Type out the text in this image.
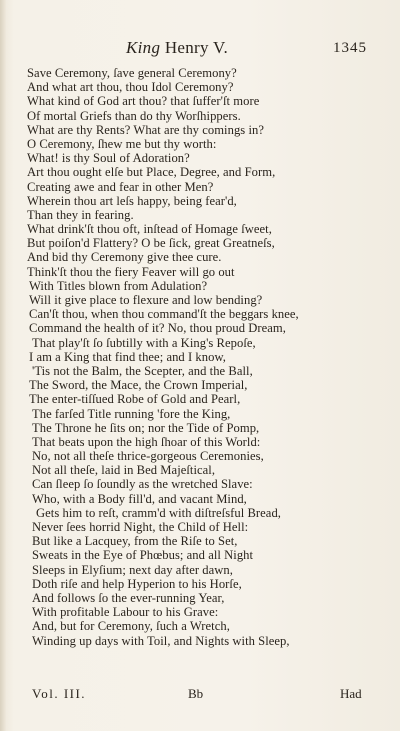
King Henry V.	1345
Save Ceremony, ſave general Ceremony?
And what art thou, thou Idol Ceremony?
What kind of God art thou? that ſuffer'ſt more
Of mortal Griefs than do thy Worſhippers.
What are thy Rents? What are thy comings in?
O Ceremony, ſhew me but thy worth:
What! is thy Soul of Adoration?
Art thou ought elſe but Place, Degree, and Form,
Creating awe and fear in other Men?
Wherein thou art leſs happy, being fear'd,
Than they in fearing.
What drink'ſt thou oft, inſtead of Homage ſweet,
But poiſon'd Flattery? O be ſick, great Greatneſs,
And bid thy Ceremony give thee cure.
Think'ſt thou the fiery Feaver will go out
With Titles blown from Adulation?
Will it give place to flexure and low bending?
Can'ſt thou, when thou command'ſt the beggars knee,
Command the health of it? No, thou proud Dream,
That play'ſt ſo ſubtilly with a King's Repoſe,
I am a King that find thee; and I know,
'Tis not the Balm, the Scepter, and the Ball,
The Sword, the Mace, the Crown Imperial,
The enter-tiſſued Robe of Gold and Pearl,
The farſed Title running 'fore the King,
The Throne he ſits on; nor the Tide of Pomp,
That beats upon the high ſhoar of this World:
No, not all theſe thrice-gorgeous Ceremonies,
Not all theſe, laid in Bed Majeſtical,
Can ſleep ſo ſoundly as the wretched Slave:
Who, with a Body fill'd, and vacant Mind,
Gets him to reſt, cramm'd with diſtreſsful Bread,
Never ſees horrid Night, the Child of Hell:
But like a Lacquey, from the Riſe to Set,
Sweats in the Eye of Phœbus; and all Night
Sleeps in Elyſium; next day after dawn,
Doth riſe and help Hyperion to his Horſe,
And follows ſo the ever-running Year,
With profitable Labour to his Grave:
And, but for Ceremony, ſuch a Wretch,
Winding up days with Toil, and Nights with Sleep,
Vol. III.	Bb	Had
